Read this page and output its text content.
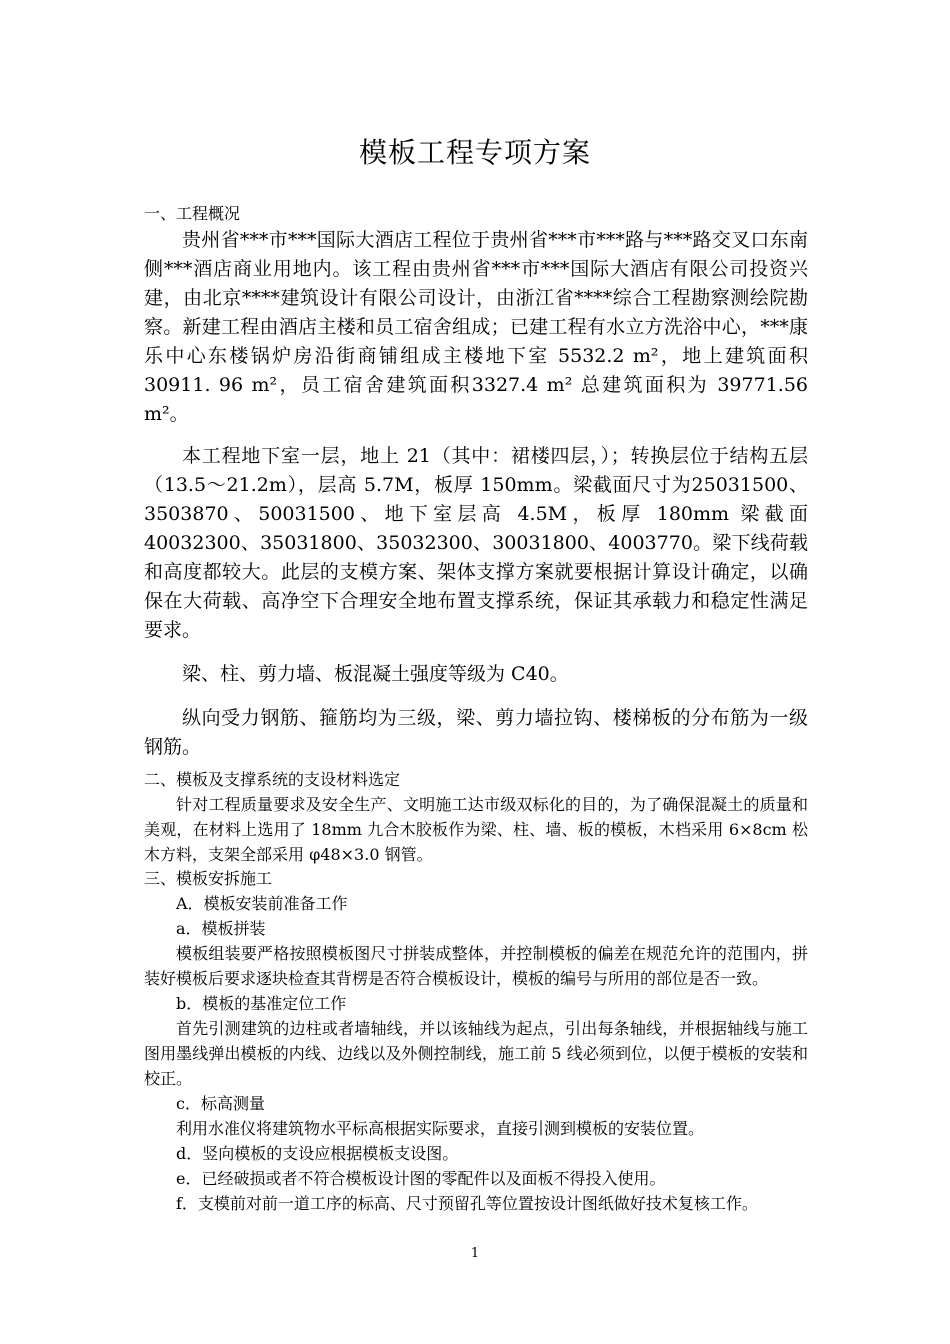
模板工程专项方案

一、工程概况

贵州省***市***国际大酒店工程位于贵州省***市***路与***路交叉口东南侧***酒店商业用地内。该工程由贵州省***市***国际大酒店有限公司投资兴建，由北京****建筑设计有限公司设计，由浙江省****综合工程勘察测绘院勘察。新建工程由酒店主楼和员工宿舍组成；已建工程有水立方洗浴中心，***康乐中心东楼锅炉房沿街商铺组成主楼地下室 5532.2 m²，地上建筑面积 30911. 96 m²，员工宿舍建筑面积3327.4 m² 总建筑面积为 39771.56 m²。

本工程地下室一层，地上 21（其中：裙楼四层，）；转换层位于结构五层（13.5～21.2m），层高 5.7M，板厚 150mm。梁截面尺寸为25031500、3503870、50031500、地下室层高 4.5M，板厚 180mm 梁截面40032300、35031800、35032300、30031800、4003770。梁下线荷载和高度都较大。此层的支模方案、架体支撑方案就要根据计算设计确定，以确保在大荷载、高净空下合理安全地布置支撑系统，保证其承载力和稳定性满足要求。

梁、柱、剪力墙、板混凝土强度等级为 C40。

纵向受力钢筋、箍筋均为三级，梁、剪力墙拉钩、楼梯板的分布筋为一级钢筋。

二、模板及支撑系统的支设材料选定

针对工程质量要求及安全生产、文明施工达市级双标化的目的，为了确保混凝土的质量和美观，在材料上选用了 18mm 九合木胶板作为梁、柱、墙、板的模板，木档采用 6×8cm 松木方料，支架全部采用 φ48×3.0 钢管。

三、模板安拆施工

A．模板安装前准备工作

a．模板拼装

模板组装要严格按照模板图尺寸拼装成整体，并控制模板的偏差在规范允许的范围内，拼装好模板后要求逐块检查其背楞是否符合模板设计，模板的编号与所用的部位是否一致。

b．模板的基准定位工作

首先引测建筑的边柱或者墙轴线，并以该轴线为起点，引出每条轴线，并根据轴线与施工图用墨线弹出模板的内线、边线以及外侧控制线，施工前 5 线必须到位，以便于模板的安装和校正。

c．标高测量

利用水准仪将建筑物水平标高根据实际要求，直接引测到模板的安装位置。

d．竖向模板的支设应根据模板支设图。

e．已经破损或者不符合模板设计图的零配件以及面板不得投入使用。

f．支模前对前一道工序的标高、尺寸预留孔等位置按设计图纸做好技术复核工作。

1
